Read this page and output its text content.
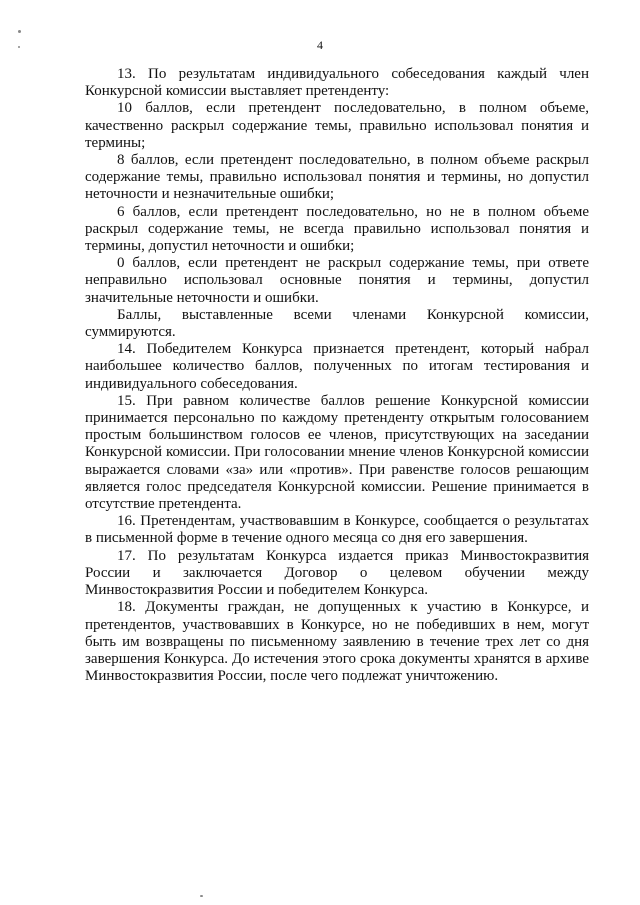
4

13. По результатам индивидуального собеседования каждый член Конкурсной комиссии выставляет претенденту:

10 баллов, если претендент последовательно, в полном объеме, качественно раскрыл содержание темы, правильно использовал понятия и термины;

8 баллов, если претендент последовательно, в полном объеме раскрыл содержание темы, правильно использовал понятия и термины, но допустил неточности и незначительные ошибки;

6 баллов, если претендент последовательно, но не в полном объеме раскрыл содержание темы, не всегда правильно использовал понятия и термины, допустил неточности и ошибки;

0 баллов, если претендент не раскрыл содержание темы, при ответе неправильно использовал основные понятия и термины, допустил значительные неточности и ошибки.

Баллы, выставленные всеми членами Конкурсной комиссии, суммируются.

14. Победителем Конкурса признается претендент, который набрал наибольшее количество баллов, полученных по итогам тестирования и индивидуального собеседования.

15. При равном количестве баллов решение Конкурсной комиссии принимается персонально по каждому претенденту открытым голосованием простым большинством голосов ее членов, присутствующих на заседании Конкурсной комиссии. При голосовании мнение членов Конкурсной комиссии выражается словами «за» или «против». При равенстве голосов решающим является голос председателя Конкурсной комиссии. Решение принимается в отсутствие претендента.

16. Претендентам, участвовавшим в Конкурсе, сообщается о результатах в письменной форме в течение одного месяца со дня его завершения.

17. По результатам Конкурса издается приказ Минвостокразвития России и заключается Договор о целевом обучении между Минвостокразвития России и победителем Конкурса.

18. Документы граждан, не допущенных к участию в Конкурсе, и претендентов, участвовавших в Конкурсе, но не победивших в нем, могут быть им возвращены по письменному заявлению в течение трех лет со дня завершения Конкурса. До истечения этого срока документы хранятся в архиве Минвостокразвития России, после чего подлежат уничтожению.
